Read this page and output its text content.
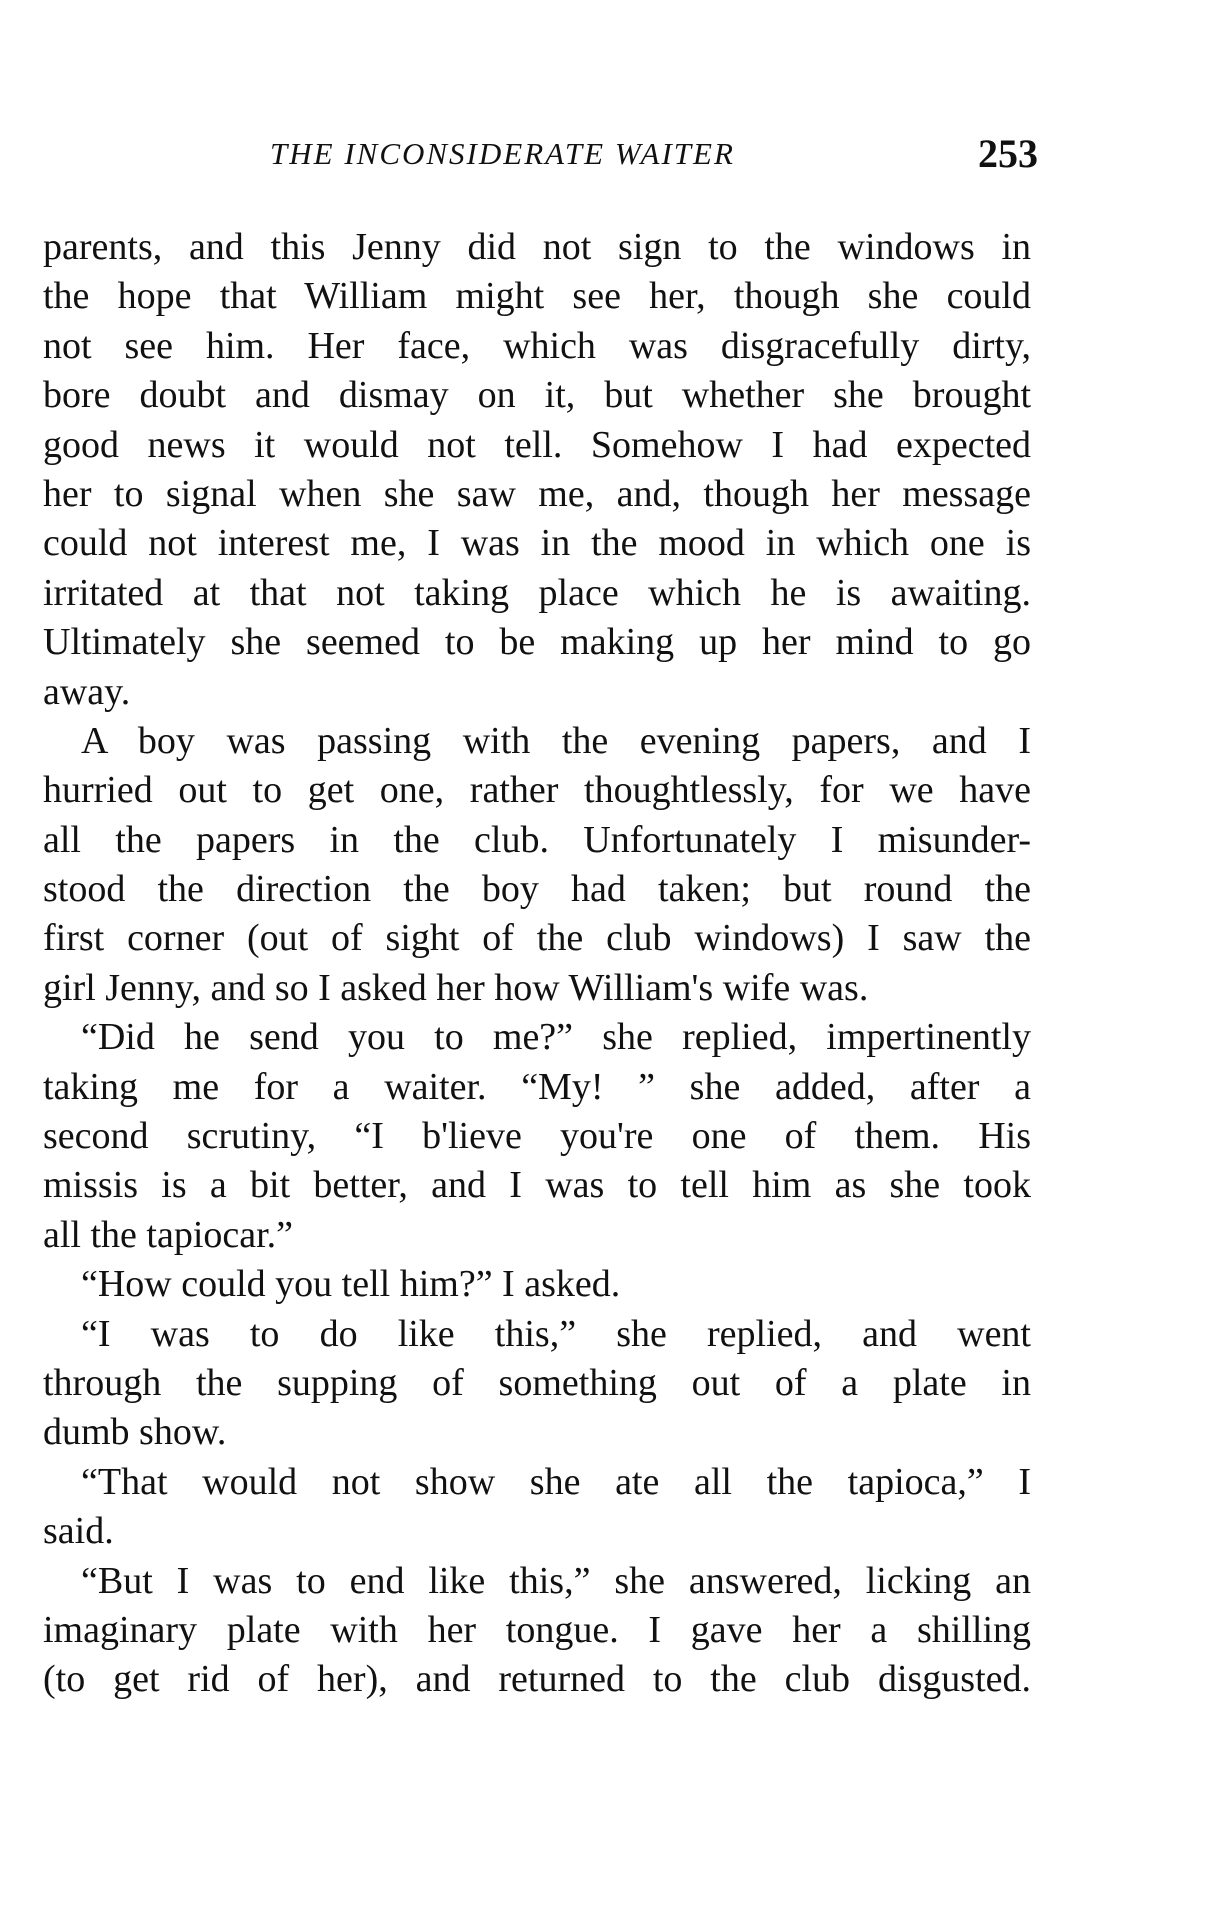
THE INCONSIDERATE WAITER	253
parents, and this Jenny did not sign to the windows in
the hope that William might see her, though she could
not see him. Her face, which was disgracefully dirty,
bore doubt and dismay on it, but whether she brought
good news it would not tell. Somehow I had expected
her to signal when she saw me, and, though her message
could not interest me, I was in the mood in which one is
irritated at that not taking place which he is awaiting.
Ultimately she seemed to be making up her mind to go
away.
A boy was passing with the evening papers, and I
hurried out to get one, rather thoughtlessly, for we have
all the papers in the club. Unfortunately I misunder-
stood the direction the boy had taken; but round the
first corner (out of sight of the club windows) I saw the
girl Jenny, and so I asked her how William's wife was.
“Did he send you to me?” she replied, impertinently
taking me for a waiter. “My! ” she added, after a
second scrutiny, “I b'lieve you're one of them. His
missis is a bit better, and I was to tell him as she took
all the tapiocar.”
“How could you tell him?” I asked.
“I was to do like this,” she replied, and went
through the supping of something out of a plate in
dumb show.
“That would not show she ate all the tapioca,” I
said.
“But I was to end like this,” she answered, licking an
imaginary plate with her tongue. I gave her a shilling
(to get rid of her), and returned to the club disgusted.
